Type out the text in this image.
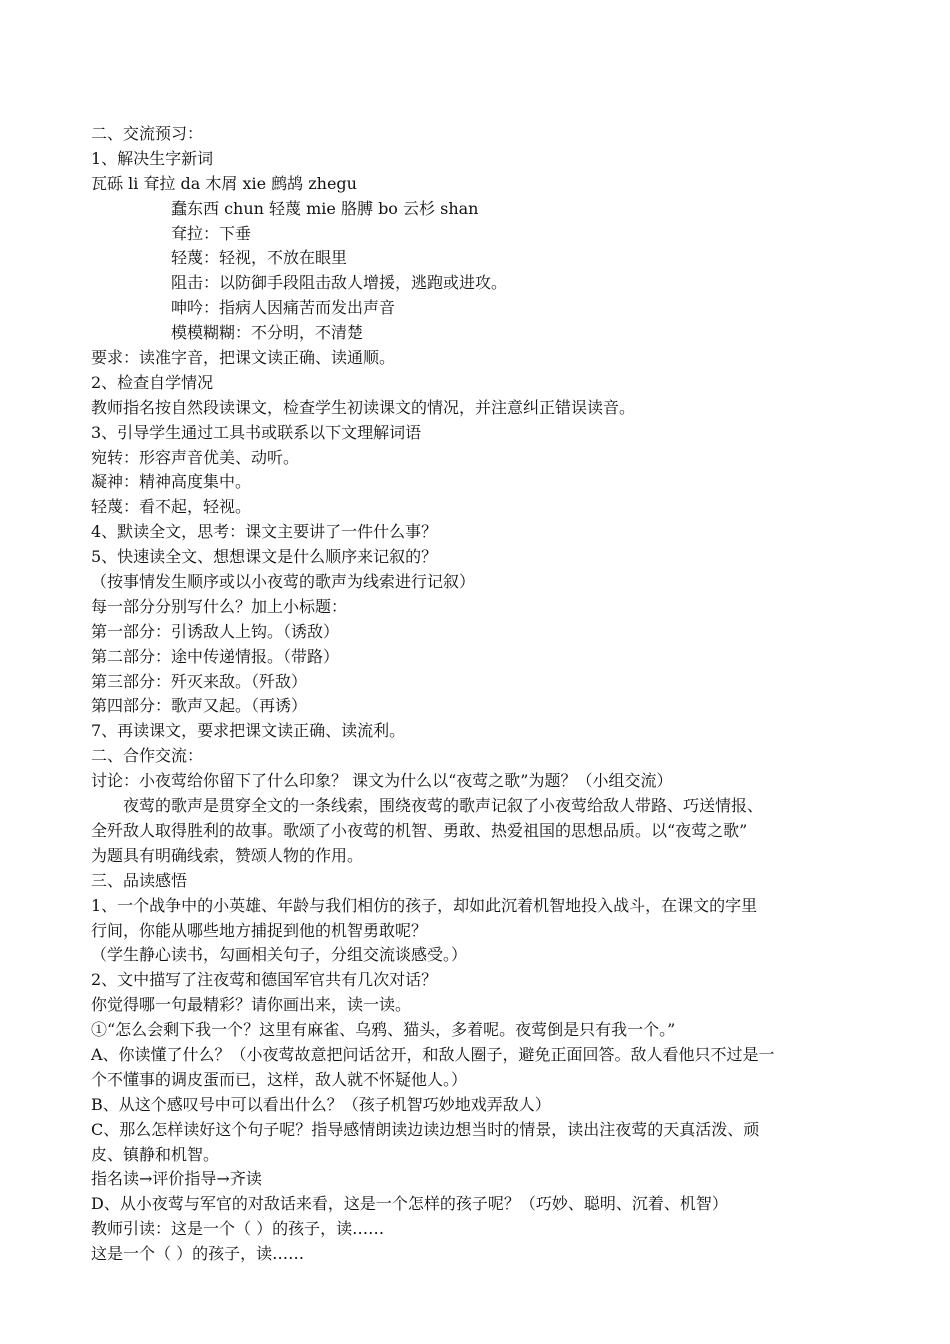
二、交流预习：
1、解决生字新词
瓦砾 li 耷拉 da 木屑 xie 鹧鸪 zhegu
蠢东西 chun 轻蔑 mie 胳膊 bo 云杉 shan
耷拉：下垂
轻蔑：轻视，不放在眼里
阻击：以防御手段阻击敌人增援，逃跑或进攻。
呻吟：指病人因痛苦而发出声音
模模糊糊：不分明，不清楚
要求：读准字音，把课文读正确、读通顺。
2、检查自学情况
教师指名按自然段读课文，检查学生初读课文的情况，并注意纠正错误读音。
3、引导学生通过工具书或联系以下文理解词语
宛转：形容声音优美、动听。
凝神：精神高度集中。
轻蔑：看不起，轻视。
4、默读全文，思考：课文主要讲了一件什么事？
5、快速读全文、想想课文是什么顺序来记叙的？
（按事情发生顺序或以小夜莺的歌声为线索进行记叙）
每一部分分别写什么？加上小标题：
第一部分：引诱敌人上钩。（诱敌）
第二部分：途中传递情报。（带路）
第三部分：歼灭来敌。（歼敌）
第四部分：歌声又起。（再诱）
7、再读课文，要求把课文读正确、读流利。
二、合作交流：
讨论：小夜莺给你留下了什么印象？ 课文为什么以“夜莺之歌”为题？（小组交流）
夜莺的歌声是贯穿全文的一条线索，围绕夜莺的歌声记叙了小夜莺给敌人带路、巧送情报、
全歼敌人取得胜利的故事。歌颂了小夜莺的机智、勇敢、热爱祖国的思想品质。以“夜莺之歌”
为题具有明确线索，赞颂人物的作用。
三、品读感悟
1、一个战争中的小英雄、年龄与我们相仿的孩子，却如此沉着机智地投入战斗，在课文的字里
行间，你能从哪些地方捕捉到他的机智勇敢呢？
（学生静心读书，勾画相关句子，分组交流谈感受。）
2、文中描写了注夜莺和德国军官共有几次对话？
你觉得哪一句最精彩？请你画出来，读一读。
①“怎么会剩下我一个？这里有麻雀、乌鸦、猫头，多着呢。夜莺倒是只有我一个。”
A、你读懂了什么？（小夜莺故意把问话岔开，和敌人圈子，避免正面回答。敌人看他只不过是一
个不懂事的调皮蛋而已，这样，敌人就不怀疑他人。）
B、从这个感叹号中可以看出什么？（孩子机智巧妙地戏弄敌人）
C、那么怎样读好这个句子呢？指导感情朗读边读边想当时的情景，读出注夜莺的天真活泼、顽
皮、镇静和机智。
指名读→评价指导→齐读
D、从小夜莺与军官的对敌话来看，这是一个怎样的孩子呢？（巧妙、聪明、沉着、机智）
教师引读：这是一个（ ）的孩子，读……
这是一个（ ）的孩子，读……
